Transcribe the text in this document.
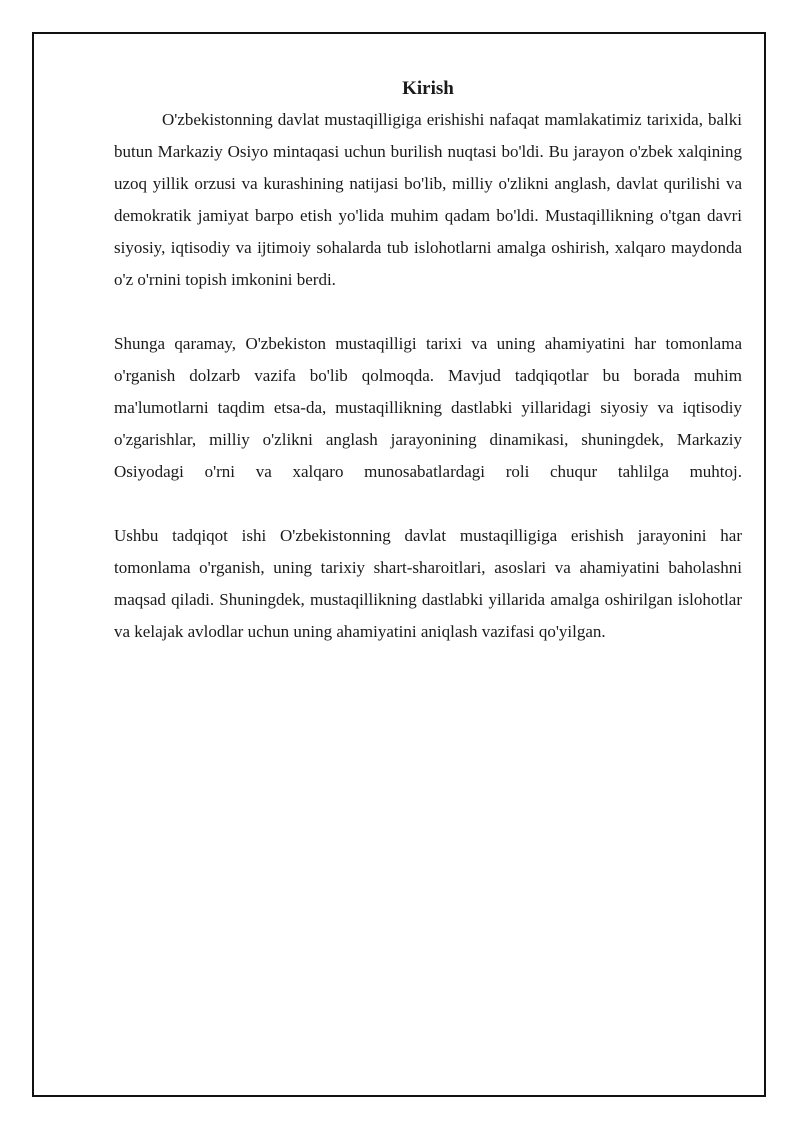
Kirish

O'zbekistonning davlat mustaqilligiga erishishi nafaqat mamlakatimiz tarixida, balki butun Markaziy Osiyo mintaqasi uchun burilish nuqtasi bo'ldi. Bu jarayon o'zbek xalqining uzoq yillik orzusi va kurashining natijasi bo'lib, milliy o'zlikni anglash, davlat qurilishi va demokratik jamiyat barpo etish yo'lida muhim qadam bo'ldi. Mustaqillikning o'tgan davri siyosiy, iqtisodiy va ijtimoiy sohalarda tub islohotlarni amalga oshirish, xalqaro maydonda o'z o'rnini topish imkonini berdi.

Shunga qaramay, O'zbekiston mustaqilligi tarixi va uning ahamiyatini har tomonlama o'rganish dolzarb vazifa bo'lib qolmoqda. Mavjud tadqiqotlar bu borada muhim ma'lumotlarni taqdim etsa-da, mustaqillikning dastlabki yillaridagi siyosiy va iqtisodiy o'zgarishlar, milliy o'zlikni anglash jarayonining dinamikasi, shuningdek, Markaziy Osiyodagi o'rni va xalqaro munosabatlardagi roli chuqur tahlilga muhtoj.

Ushbu tadqiqot ishi O'zbekistonning davlat mustaqilligiga erishish jarayonini har tomonlama o'rganish, uning tarixiy shart-sharoitlari, asoslari va ahamiyatini baholashni maqsad qiladi. Shuningdek, mustaqillikning dastlabki yillarida amalga oshirilgan islohotlar va kelajak avlodlar uchun uning ahamiyatini aniqlash vazifasi qo'yilgan.
